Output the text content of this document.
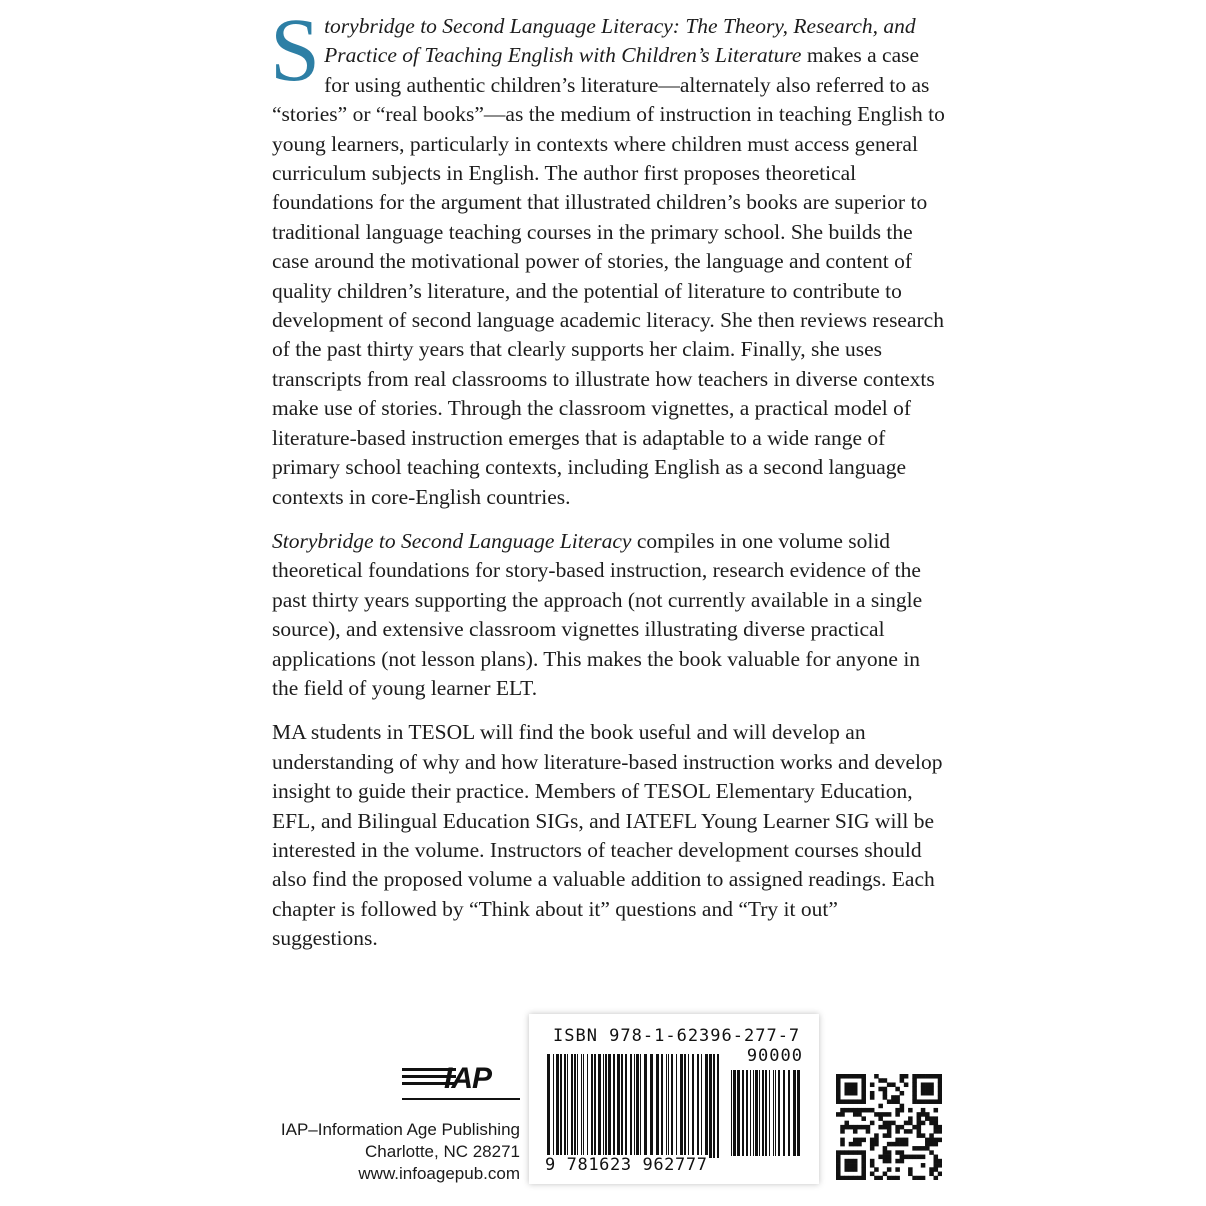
Storybridge to Second Language Literacy: The Theory, Research, and Practice of Teaching English with Children’s Literature makes a case for using authentic children’s literature—alternately also referred to as “stories” or “real books”—as the medium of instruction in teaching English to young learners, particularly in contexts where children must access general curriculum subjects in English. The author first proposes theoretical foundations for the argument that illustrated children’s books are superior to traditional language teaching courses in the primary school. She builds the case around the motivational power of stories, the language and content of quality children’s literature, and the potential of literature to contribute to development of second language academic literacy. She then reviews research of the past thirty years that clearly supports her claim. Finally, she uses transcripts from real classrooms to illustrate how teachers in diverse contexts make use of stories. Through the classroom vignettes, a practical model of literature-based instruction emerges that is adaptable to a wide range of primary school teaching contexts, including English as a second language contexts in core-English countries.

Storybridge to Second Language Literacy compiles in one volume solid theoretical foundations for story-based instruction, research evidence of the past thirty years supporting the approach (not currently available in a single source), and extensive classroom vignettes illustrating diverse practical applications (not lesson plans). This makes the book valuable for anyone in the field of young learner ELT.

MA students in TESOL will find the book useful and will develop an understanding of why and how literature-based instruction works and develop insight to guide their practice. Members of TESOL Elementary Education, EFL, and Bilingual Education SIGs, and IATEFL Young Learner SIG will be interested in the volume. Instructors of teacher development courses should also find the proposed volume a valuable addition to assigned readings. Each chapter is followed by “Think about it” questions and “Try it out” suggestions.

IAP
IAP–Information Age Publishing
Charlotte, NC 28271
www.infoagepub.com
ISBN 978-1-62396-277-7
90000
9 781623 962777
